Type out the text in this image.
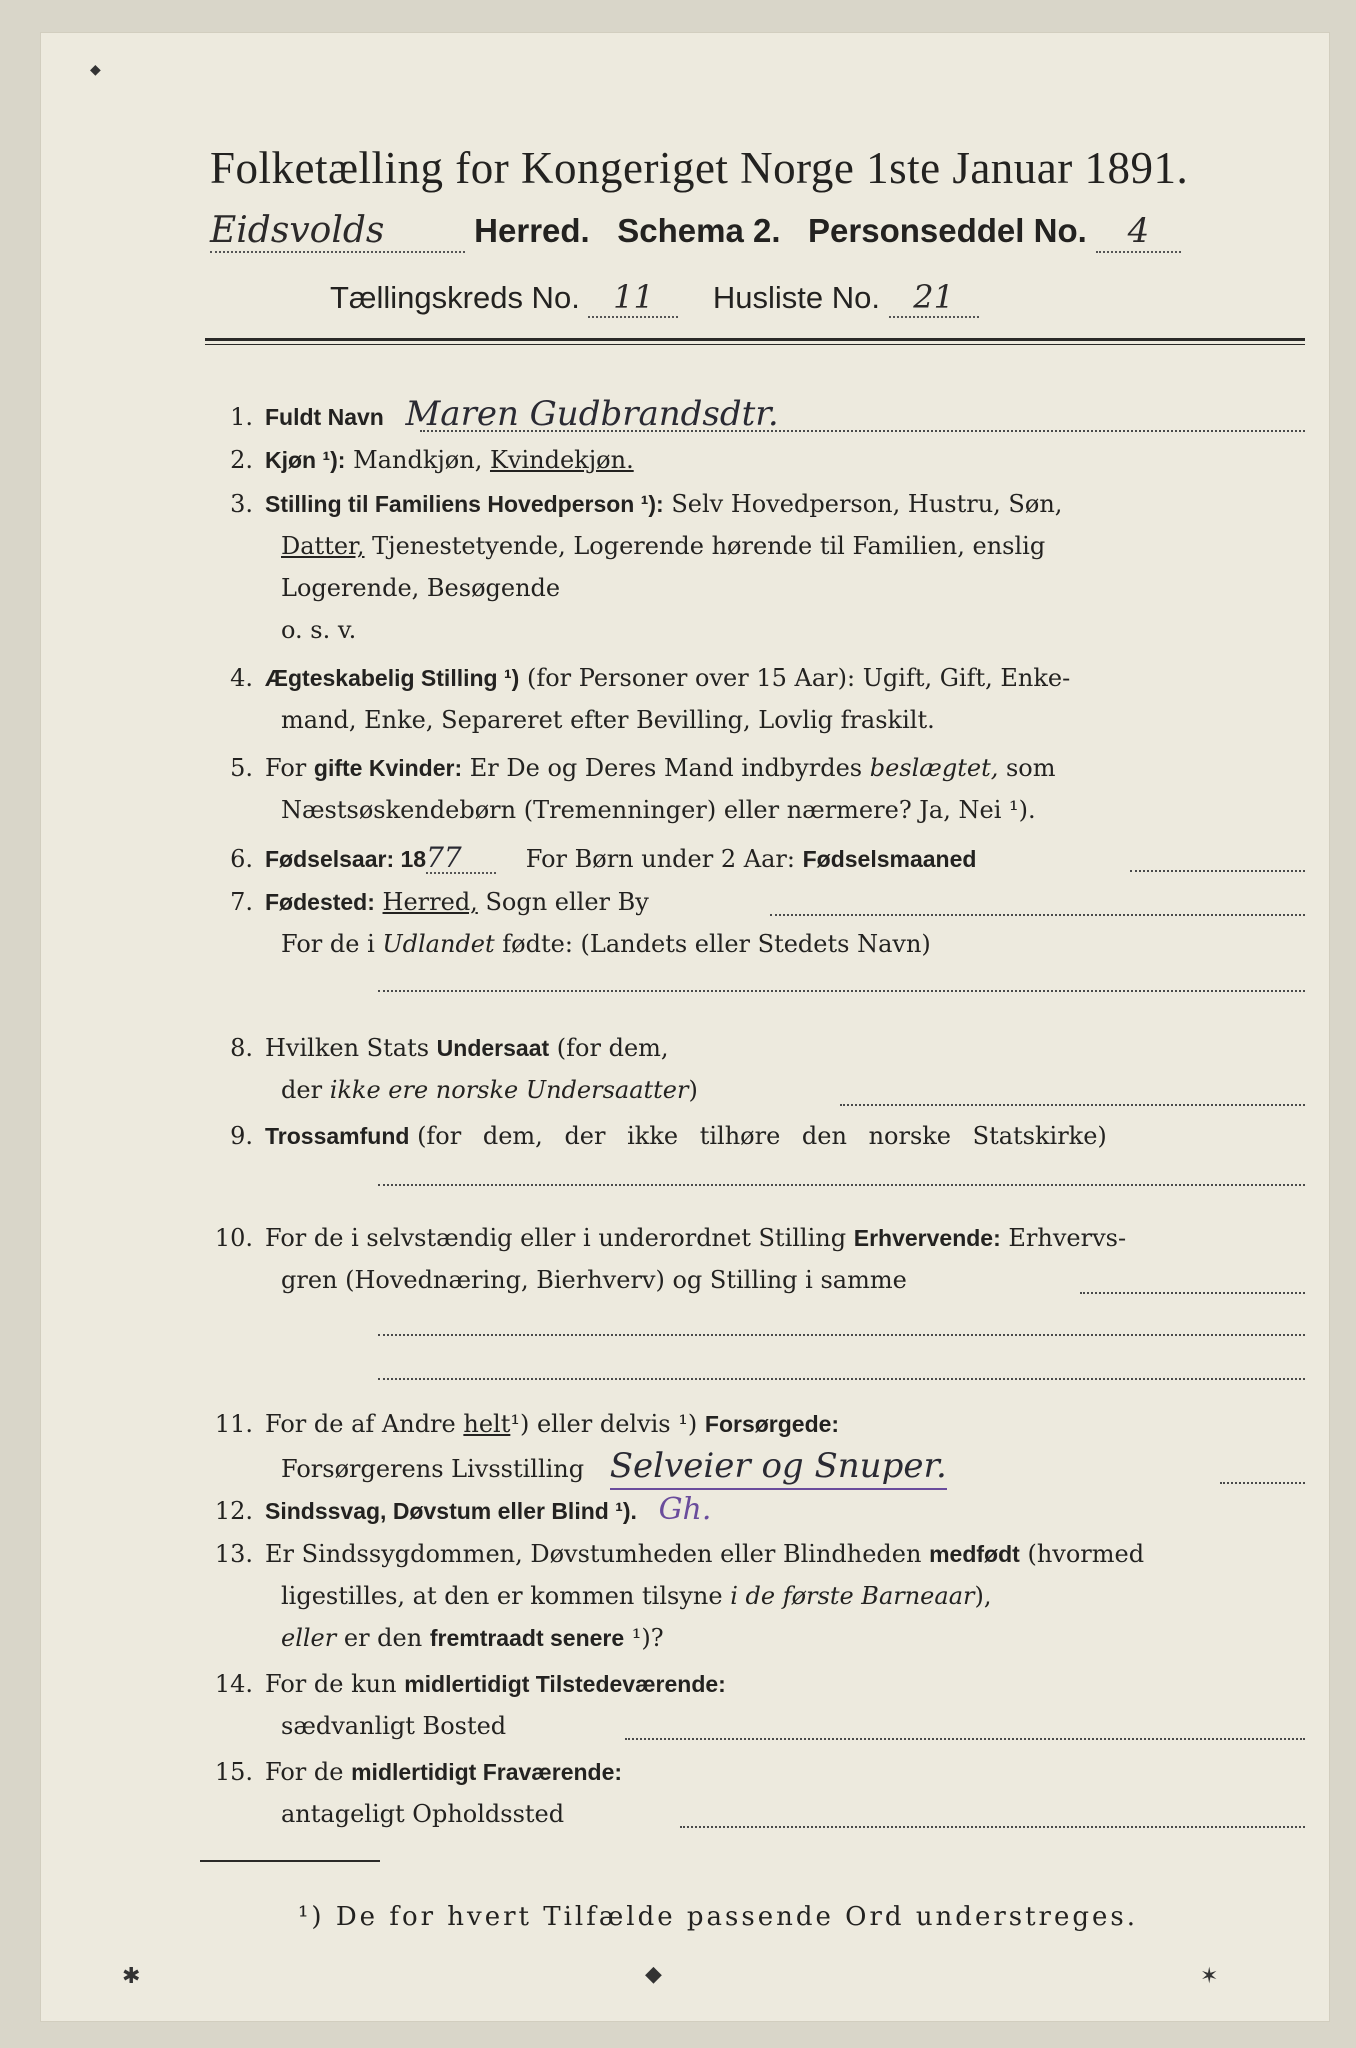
Folketælling for Kongeriget Norge 1ste Januar 1891.
Eidsvolds	Herred. Schema 2. Personseddel No. 4
Tællingskreds No. 11 Husliste No. 21
1. Fuldt Navn Maren Gudbrandsdtr.
2. Kjøn ¹): Mandkjøn, Kvindekjøn.
3. Stilling til Familiens Hovedperson ¹): Selv Hovedperson, Hustru, Søn,
Datter, Tjenestetyende, Logerende hørende til Familien, enslig
Logerende, Besøgende
o. s. v.
4. Ægteskabelig Stilling ¹) (for Personer over 15 Aar): Ugift, Gift, Enke-
mand, Enke, Separeret efter Bevilling, Lovlig fraskilt.
5. For gifte Kvinder: Er De og Deres Mand indbyrdes beslægtet, som
Næstsøskendebørn (Tremenninger) eller nærmere? Ja, Nei ¹).
6. Fødselsaar: 1877	For Børn under 2 Aar: Fødselsmaaned
7. Fødested: Herred, Sogn eller By
For de i Udlandet fødte: (Landets eller Stedets Navn)
8. Hvilken Stats Undersaat (for dem,
der ikke ere norske Undersaatter)
9. Trossamfund (for dem, der ikke tilhøre den norske Statskirke)
10. For de i selvstændig eller i underordnet Stilling Erhvervende: Erhvervs-
gren (Hovednæring, Bierhverv) og Stilling i samme
11. For de af Andre helt¹) eller delvis ¹) Forsørgede:
Forsørgerens Livsstilling Selveier og Snuper.
12. Sindssvag, Døvstum eller Blind ¹). Gh.
13. Er Sindssygdommen, Døvstumheden eller Blindheden medfødt (hvormed
ligestilles, at den er kommen tilsyne i de første Barneaar),
eller er den fremtraadt senere ¹)?
14. For de kun midlertidigt Tilstedeværende:
sædvanligt Bosted
15. For de midlertidigt Fraværende:
antageligt Opholdssted
¹) De for hvert Tilfælde passende Ord understreges.
◆
✱	◆	✶
